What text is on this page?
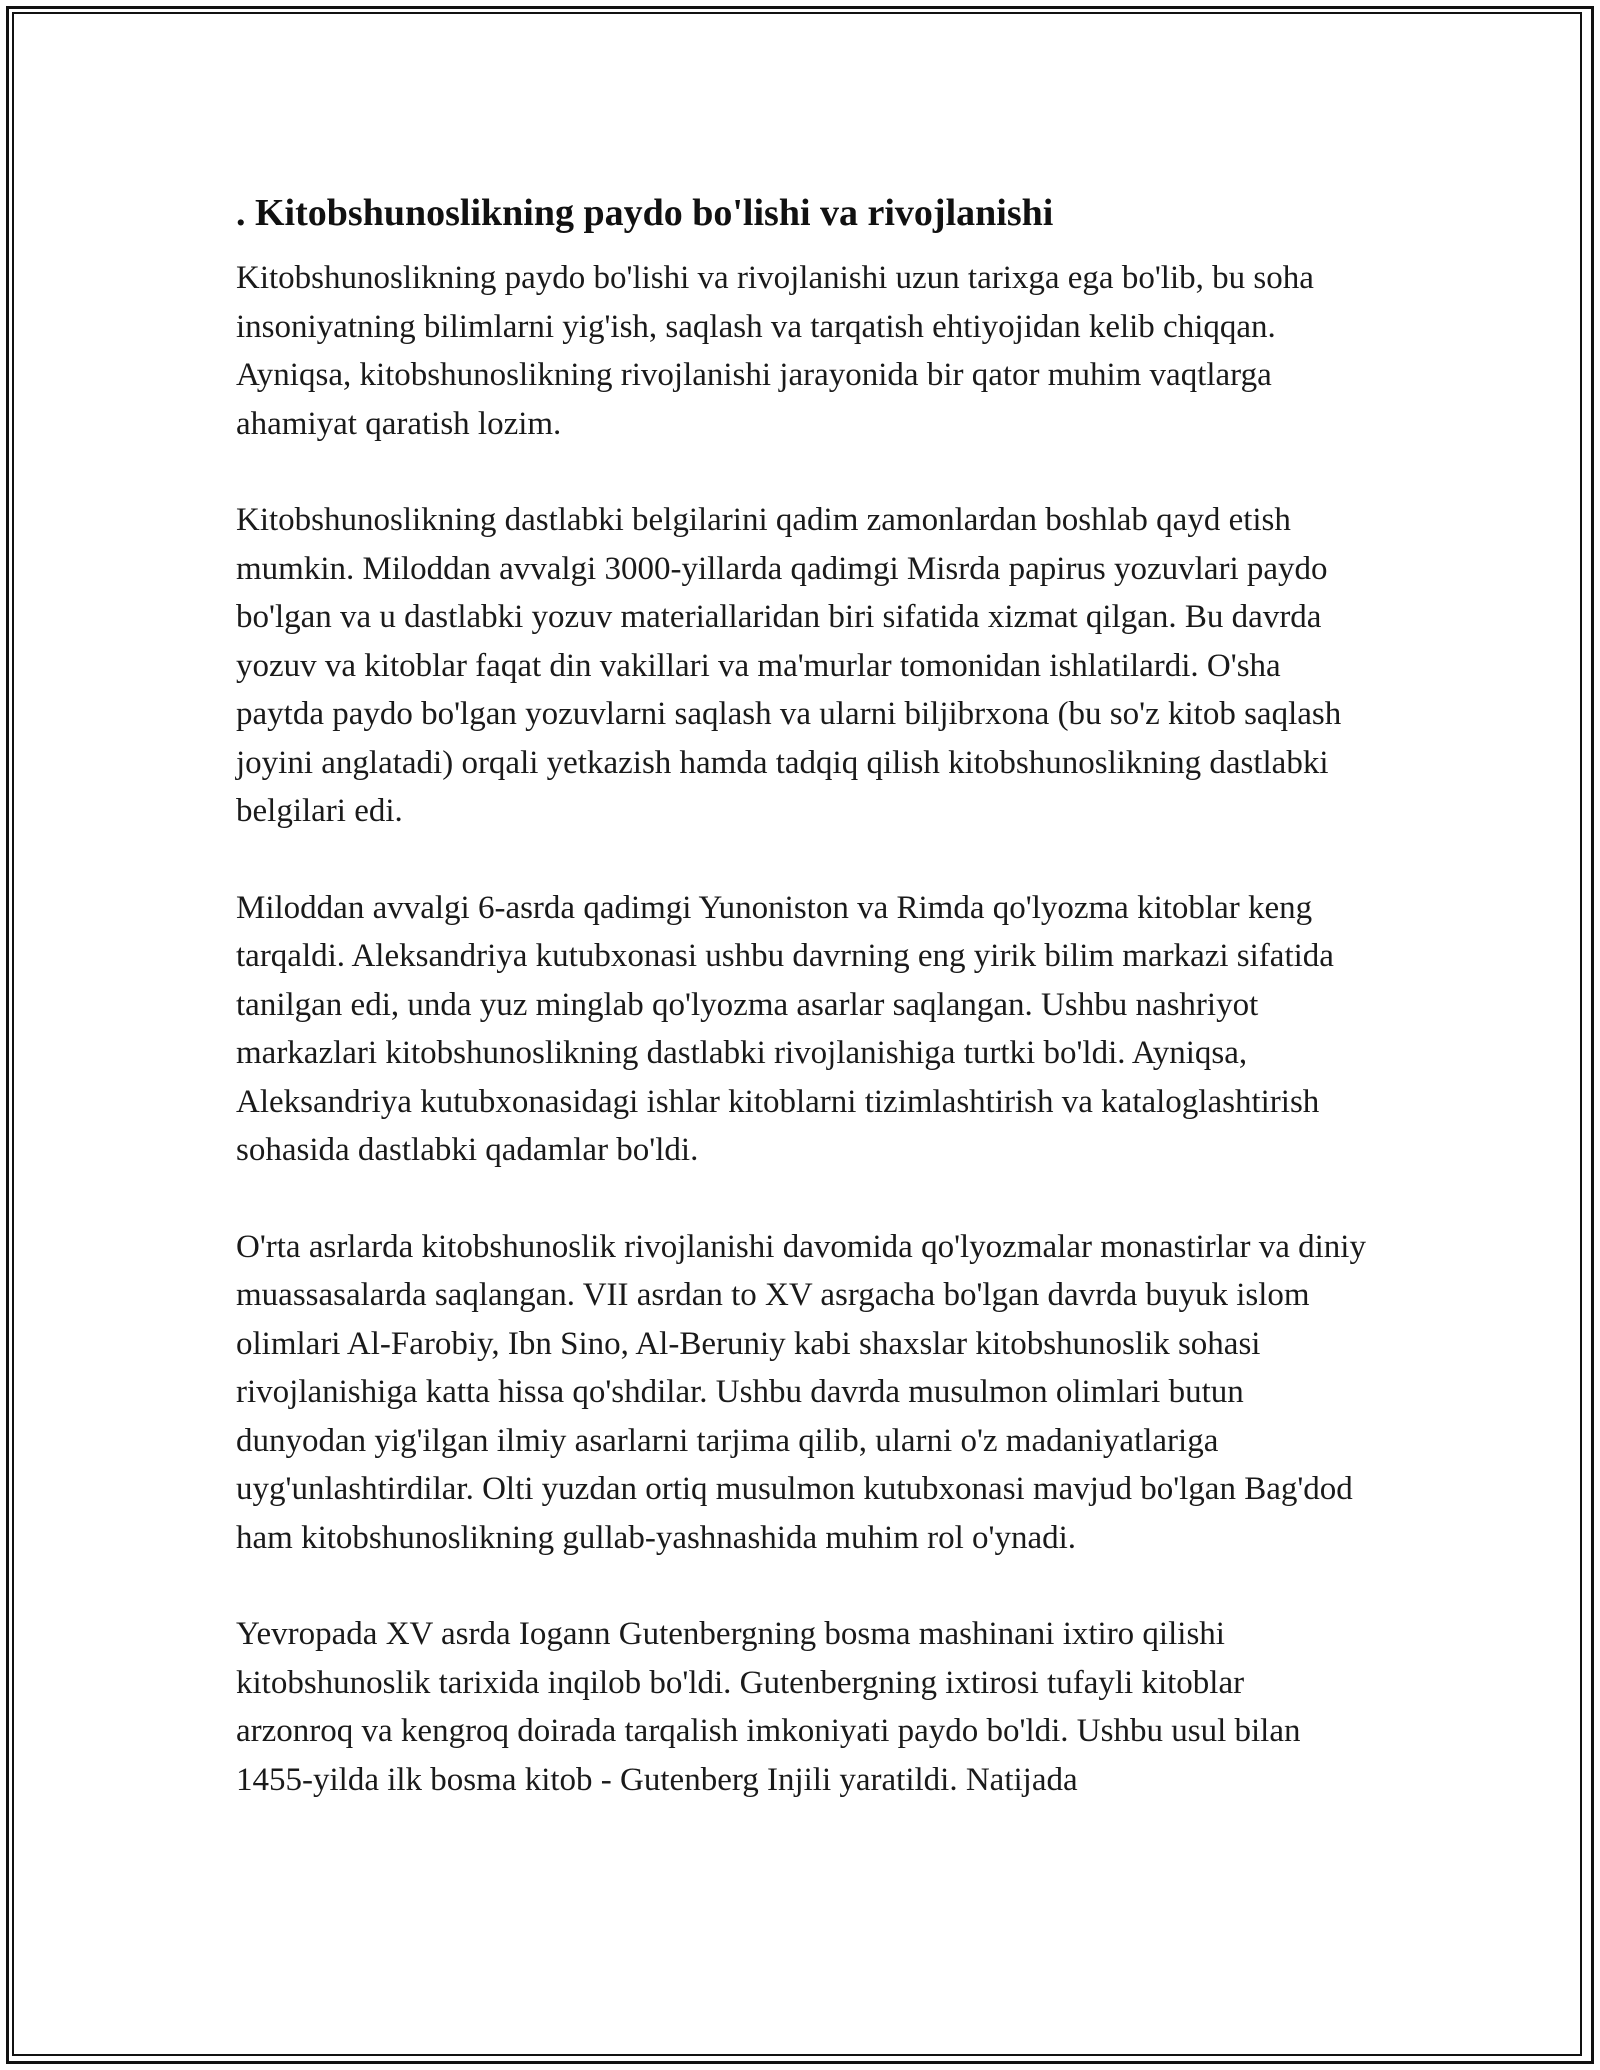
. Kitobshunoslikning paydo bo'lishi va rivojlanishi

Kitobshunoslikning paydo bo'lishi va rivojlanishi uzun tarixga ega bo'lib, bu soha insoniyatning bilimlarni yig'ish, saqlash va tarqatish ehtiyojidan kelib chiqqan. Ayniqsa, kitobshunoslikning rivojlanishi jarayonida bir qator muhim vaqtlarga ahamiyat qaratish lozim.

Kitobshunoslikning dastlabki belgilarini qadim zamonlardan boshlab qayd etish mumkin. Miloddan avvalgi 3000-yillarda qadimgi Misrda papirus yozuvlari paydo bo'lgan va u dastlabki yozuv materiallaridan biri sifatida xizmat qilgan. Bu davrda yozuv va kitoblar faqat din vakillari va ma'murlar tomonidan ishlatilardi. O'sha paytda paydo bo'lgan yozuvlarni saqlash va ularni biljibrxona (bu so'z kitob saqlash joyini anglatadi) orqali yetkazish hamda tadqiq qilish kitobshunoslikning dastlabki belgilari edi.

Miloddan avvalgi 6-asrda qadimgi Yunoniston va Rimda qo'lyozma kitoblar keng tarqaldi. Aleksandriya kutubxonasi ushbu davrning eng yirik bilim markazi sifatida tanilgan edi, unda yuz minglab qo'lyozma asarlar saqlangan. Ushbu nashriyot markazlari kitobshunoslikning dastlabki rivojlanishiga turtki bo'ldi. Ayniqsa, Aleksandriya kutubxonasidagi ishlar kitoblarni tizimlashtirish va kataloglashtirish sohasida dastlabki qadamlar bo'ldi.

O'rta asrlarda kitobshunoslik rivojlanishi davomida qo'lyozmalar monastirlar va diniy muassasalarda saqlangan. VII asrdan to XV asrgacha bo'lgan davrda buyuk islom olimlari Al-Farobiy, Ibn Sino, Al-Beruniy kabi shaxslar kitobshunoslik sohasi rivojlanishiga katta hissa qo'shdilar. Ushbu davrda musulmon olimlari butun dunyodan yig'ilgan ilmiy asarlarni tarjima qilib, ularni o'z madaniyatlariga uyg'unlashtirdilar. Olti yuzdan ortiq musulmon kutubxonasi mavjud bo'lgan Bag'dod ham kitobshunoslikning gullab-yashnashida muhim rol o'ynadi.

Yevropada XV asrda Iogann Gutenbergning bosma mashinani ixtiro qilishi kitobshunoslik tarixida inqilob bo'ldi. Gutenbergning ixtirosi tufayli kitoblar arzonroq va kengroq doirada tarqalish imkoniyati paydo bo'ldi. Ushbu usul bilan 1455-yilda ilk bosma kitob - Gutenberg Injili yaratildi. Natijada
